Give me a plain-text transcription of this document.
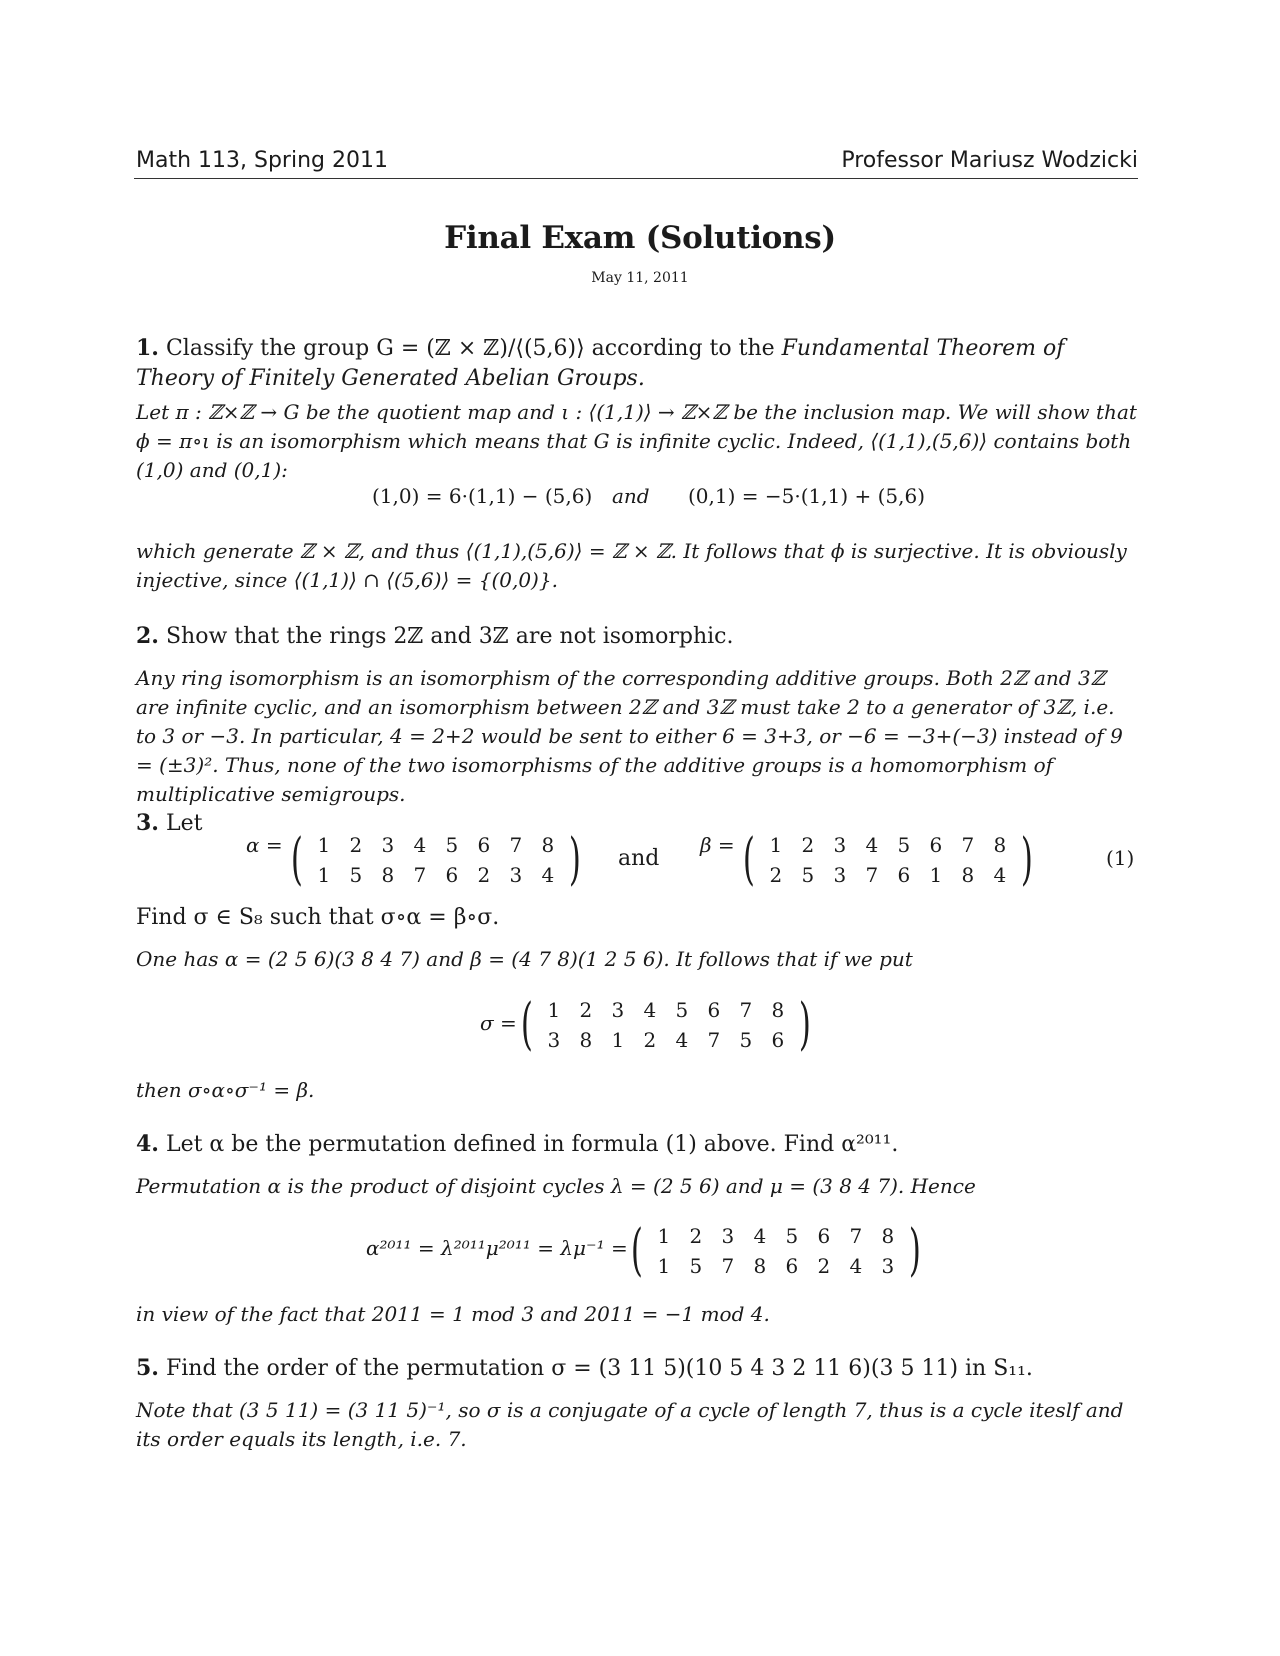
Math 113, Spring 2011	Professor Mariusz Wodzicki
Final Exam (Solutions)
May 11, 2011
1. Classify the group G = (ℤ × ℤ)/⟨(5,6)⟩ according to the Fundamental Theorem of Theory of Finitely Generated Abelian Groups.
Let π : ℤ×ℤ → G be the quotient map and ι : ⟨(1,1)⟩ → ℤ×ℤ be the inclusion map. We will show that ϕ = π∘ι is an isomorphism which means that G is infinite cyclic. Indeed, ⟨(1,1),(5,6)⟩ contains both (1,0) and (0,1):
(1,0) = 6·(1,1) − (5,6) and (0,1) = −5·(1,1) + (5,6)
which generate ℤ × ℤ, and thus ⟨(1,1),(5,6)⟩ = ℤ × ℤ. It follows that ϕ is surjective. It is obviously injective, since ⟨(1,1)⟩ ∩ ⟨(5,6)⟩ = {(0,0)}.
2. Show that the rings 2ℤ and 3ℤ are not isomorphic.
Any ring isomorphism is an isomorphism of the corresponding additive groups. Both 2ℤ and 3ℤ are infinite cyclic, and an isomorphism between 2ℤ and 3ℤ must take 2 to a generator of 3ℤ, i.e. to 3 or −3. In particular, 4 = 2+2 would be sent to either 6 = 3+3, or −6 = −3+(−3) instead of 9 = (±3)². Thus, none of the two isomorphisms of the additive groups is a homomorphism of multiplicative semigroups.
3. Let
α = ( 1 2 3 4 5 6 7 8
1 5 8 7 6 2 3 4 ) and
β = ( 1 2 3 4 5 6 7 8
2 5 3 7 6 1 8 4 )	(1)
Find σ ∈ S₈ such that σ∘α = β∘σ.
One has α = (2 5 6)(3 8 4 7) and β = (4 7 8)(1 2 5 6). It follows that if we put
σ = ( 1 2 3 4 5 6 7 8
3 8 1 2 4 7 5 6 )
then σ∘α∘σ⁻¹ = β.
4. Let α be the permutation defined in formula (1) above. Find α²⁰¹¹.
Permutation α is the product of disjoint cycles λ = (2 5 6) and μ = (3 8 4 7). Hence
α²⁰¹¹ = λ²⁰¹¹μ²⁰¹¹ = λμ⁻¹ = ( 1 2 3 4 5 6 7 8
1 5 7 8 6 2 4 3 )
in view of the fact that 2011 = 1 mod 3 and 2011 = −1 mod 4.
5. Find the order of the permutation σ = (3 11 5)(10 5 4 3 2 11 6)(3 5 11) in S₁₁.
Note that (3 5 11) = (3 11 5)⁻¹, so σ is a conjugate of a cycle of length 7, thus is a cycle iteslf and its order equals its length, i.e. 7.
